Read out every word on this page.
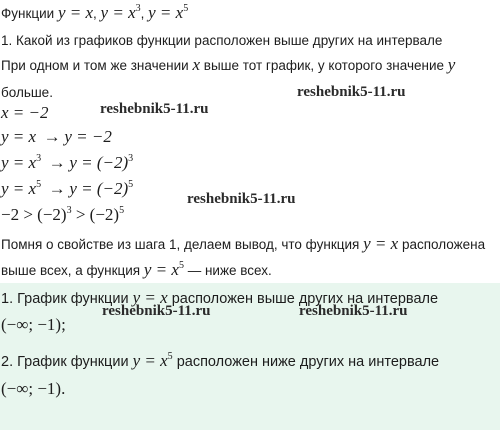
Функции y = x, $y = x^3$, $y = x^5$
1. Какой из графиков функции расположен выше других на интервале
При одном и том же значении x выше тот график, у которого значение y
больше.	reshebnik5-11.ru
x = −2	reshebnik5-11.ru
y = x → y = −2
$y = x^3 \to y = (-2)^3$
$y = x^5 \to y = (-2)^5$
$-2 > (-2)^3 > (-2)^5$
reshebnik5-11.ru
Помня о свойстве из шага 1, делаем вывод, что функция y = x расположена
выше всех, а функция $y = x^5$ — ниже всех.
1. График функции y = x расположен выше других на интервале
(−∞; −1);
reshebnik5-11.ru	reshebnik5-11.ru
2. График функции $y = x^5$ расположен ниже других на интервале
(−∞; −1).
